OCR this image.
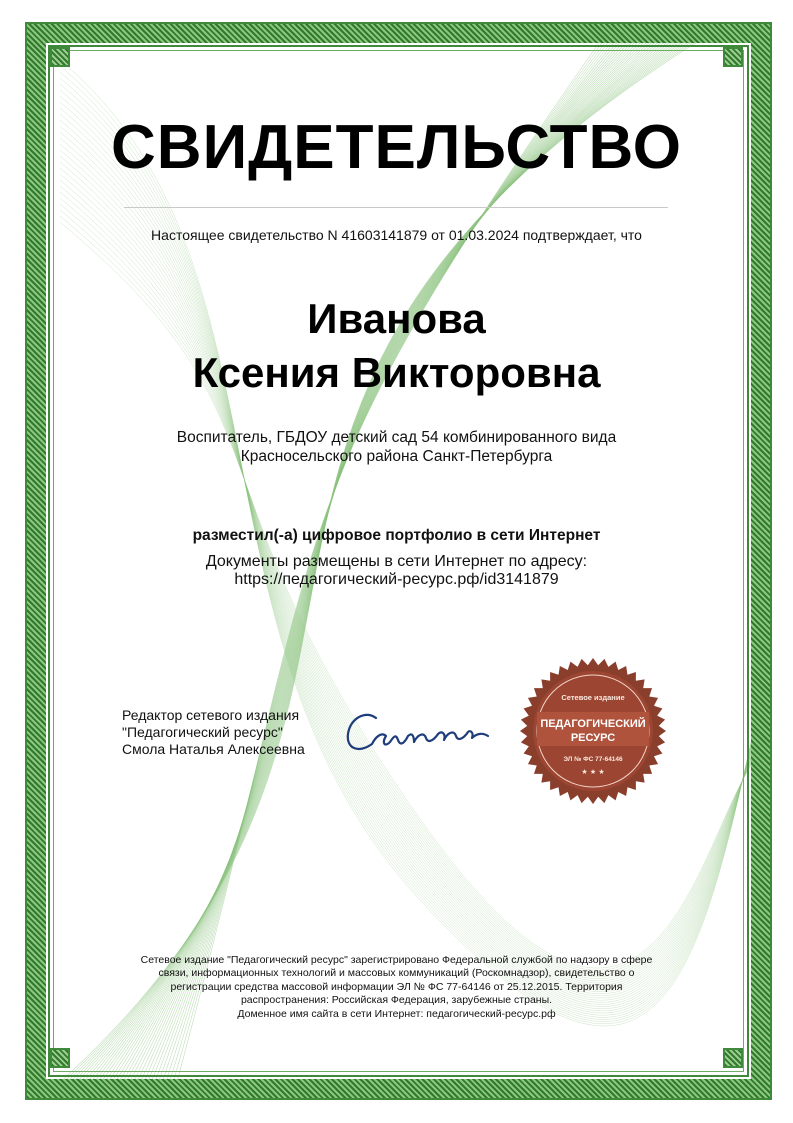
СВИДЕТЕЛЬСТВО
Настоящее свидетельство N 41603141879 от 01.03.2024 подтверждает, что
Иванова
Ксения Викторовна
Воспитатель, ГБДОУ детский сад 54 комбинированного вида
Красносельского района Санкт-Петербурга
разместил(-а) цифровое портфолио в сети Интернет
Документы размещены в сети Интернет по адресу:
https://педагогический-ресурс.рф/id3141879
Редактор сетевого издания
"Педагогический ресурс"
Смола Наталья Алексеевна
Сетевое издание
ПЕДАГОГИЧЕСКИЙ
РЕСУРС
ЭЛ № ФС 77-64146
★ ★ ★
Сетевое издание "Педагогический ресурс" зарегистрировано Федеральной службой по надзору в сфере
связи, информационных технологий и массовых коммуникаций (Роскомнадзор), свидетельство о
регистрации средства массовой информации ЭЛ № ФС 77-64146 от 25.12.2015. Территория
распространения: Российская Федерация, зарубежные страны.
Доменное имя сайта в сети Интернет: педагогический-ресурс.рф
